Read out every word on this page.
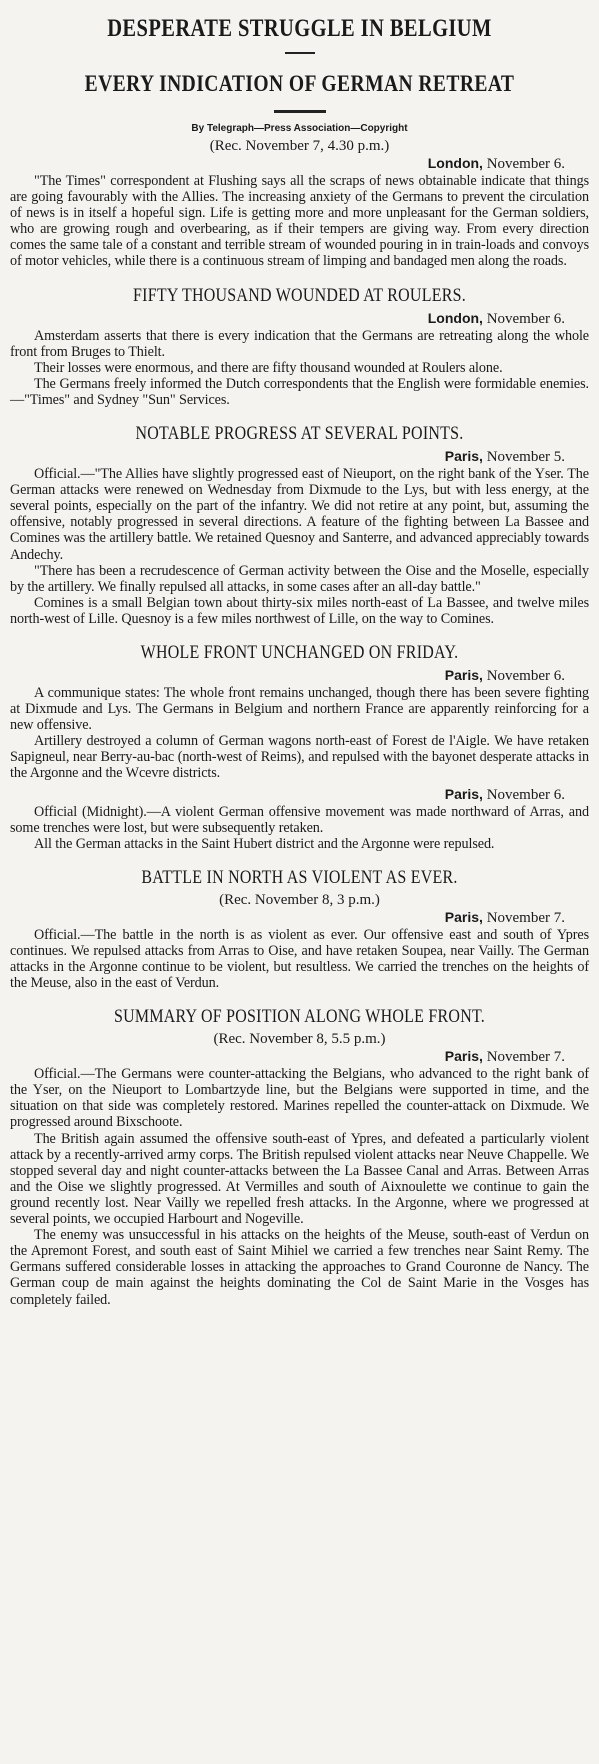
DESPERATE STRUGGLE IN BELGIUM
EVERY INDICATION OF GERMAN RETREAT
By Telegraph—Press Association—Copyright
(Rec. November 7, 4.30 p.m.)
London, November 6.

"The Times" correspondent at Flushing says all the scraps of news obtainable indicate that things are going favourably with the Allies. The increasing anxiety of the Germans to prevent the circulation of news is in itself a hopeful sign. Life is getting more and more unpleasant for the German soldiers, who are growing rough and overbearing, as if their tempers are giving way. From every direction comes the same tale of a constant and terrible stream of wounded pouring in in train-loads and convoys of motor vehicles, while there is a continuous stream of limping and bandaged men along the roads.

FIFTY THOUSAND WOUNDED AT ROULERS.
London, November 6.

Amsterdam asserts that there is every indication that the Germans are retreating along the whole front from Bruges to Thielt.

Their losses were enormous, and there are fifty thousand wounded at Roulers alone.

The Germans freely informed the Dutch correspondents that the English were formidable enemies.—"Times" and Sydney "Sun" Services.

NOTABLE PROGRESS AT SEVERAL POINTS.
Paris, November 5.

Official.—"The Allies have slightly progressed east of Nieuport, on the right bank of the Yser. The German attacks were renewed on Wednesday from Dixmude to the Lys, but with less energy, at the several points, especially on the part of the infantry. We did not retire at any point, but, assuming the offensive, notably progressed in several directions. A feature of the fighting between La Bassee and Comines was the artillery battle. We retained Quesnoy and Santerre, and advanced appreciably towards Andechy.

"There has been a recrudescence of German activity between the Oise and the Moselle, especially by the artillery. We finally repulsed all attacks, in some cases after an all-day battle."

Comines is a small Belgian town about thirty-six miles north-east of La Bassee, and twelve miles north-west of Lille. Quesnoy is a few miles northwest of Lille, on the way to Comines.

WHOLE FRONT UNCHANGED ON FRIDAY.
Paris, November 6.

A communique states: The whole front remains unchanged, though there has been severe fighting at Dixmude and Lys. The Germans in Belgium and northern France are apparently reinforcing for a new offensive.

Artillery destroyed a column of German wagons north-east of Forest de l'Aigle. We have retaken Sapigneul, near Berry-au-bac (north-west of Reims), and repulsed with the bayonet desperate attacks in the Argonne and the Wcevre districts.

Paris, November 6.

Official (Midnight).—A violent German offensive movement was made northward of Arras, and some trenches were lost, but were subsequently retaken.

All the German attacks in the Saint Hubert district and the Argonne were repulsed.

BATTLE IN NORTH AS VIOLENT AS EVER.
(Rec. November 8, 3 p.m.)
Paris, November 7.

Official.—The battle in the north is as violent as ever. Our offensive east and south of Ypres continues. We repulsed attacks from Arras to Oise, and have retaken Soupea, near Vailly. The German attacks in the Argonne continue to be violent, but resultless. We carried the trenches on the heights of the Meuse, also in the east of Verdun.

SUMMARY OF POSITION ALONG WHOLE FRONT.
(Rec. November 8, 5.5 p.m.)
Paris, November 7.

Official.—The Germans were counter-attacking the Belgians, who advanced to the right bank of the Yser, on the Nieuport to Lombartzyde line, but the Belgians were supported in time, and the situation on that side was completely restored. Marines repelled the counter-attack on Dixmude. We progressed around Bixschoote.

The British again assumed the offensive south-east of Ypres, and defeated a particularly violent attack by a recently-arrived army corps. The British repulsed violent attacks near Neuve Chappelle. We stopped several day and night counter-attacks between the La Bassee Canal and Arras. Between Arras and the Oise we slightly progressed. At Vermilles and south of Aixnoulette we continue to gain the ground recently lost. Near Vailly we repelled fresh attacks. In the Argonne, where we progressed at several points, we occupied Harbourt and Nogeville.

The enemy was unsuccessful in his attacks on the heights of the Meuse, south-east of Verdun on the Apremont Forest, and south east of Saint Mihiel we carried a few trenches near Saint Remy. The Germans suffered considerable losses in attacking the approaches to Grand Couronne de Nancy. The German coup de main against the heights dominating the Col de Saint Marie in the Vosges has completely failed.
